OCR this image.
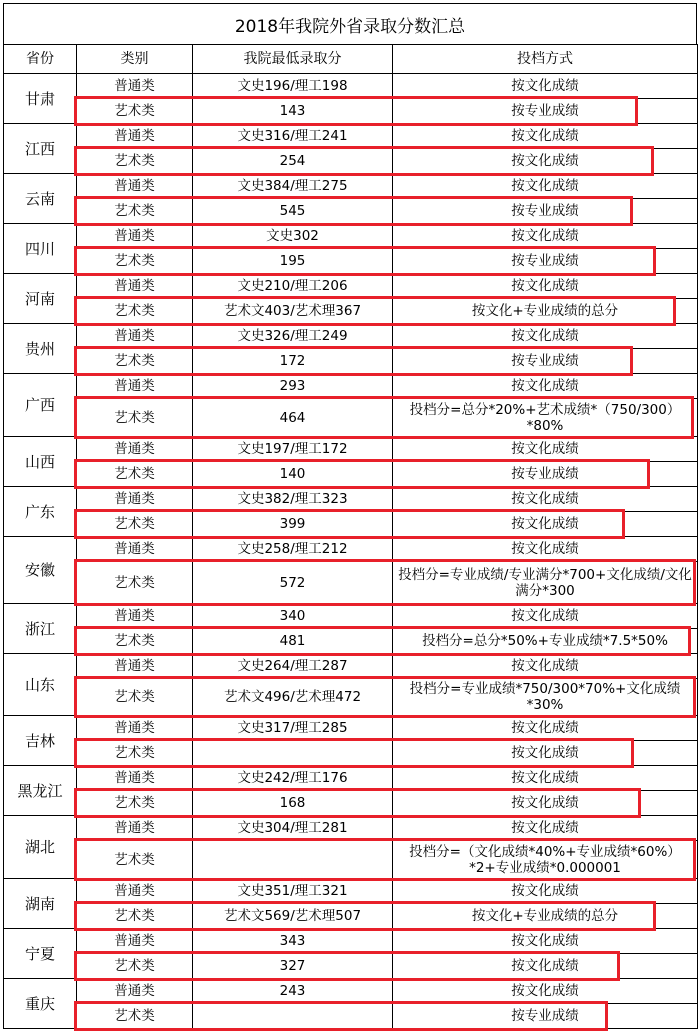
2018年我院外省录取分数汇总
省份	类别	我院最低录取分	投档方式
甘肃	普通类	文史196/理工198	按文化成绩
	艺术类	143	按专业成绩
江西	普通类	文史316/理工241	按文化成绩
	艺术类	254	按文化成绩
云南	普通类	文史384/理工275	按文化成绩
	艺术类	545	按专业成绩
四川	普通类	文史302	按文化成绩
	艺术类	195	按专业成绩
河南	普通类	文史210/理工206	按文化成绩
	艺术类	艺术文403/艺术理367	按文化+专业成绩的总分
贵州	普通类	文史326/理工249	按文化成绩
	艺术类	172	按专业成绩
广西	普通类	293	按文化成绩
	艺术类	464	投档分=总分*20%+艺术成绩*（750/300）*80%
山西	普通类	文史197/理工172	按文化成绩
	艺术类	140	按专业成绩
广东	普通类	文史382/理工323	按文化成绩
	艺术类	399	按文化成绩
安徽	普通类	文史258/理工212	按文化成绩
	艺术类	572	投档分=专业成绩/专业满分*700+文化成绩/文化满分*300
浙江	普通类	340	按文化成绩
	艺术类	481	投档分=总分*50%+专业成绩*7.5*50%
山东	普通类	文史264/理工287	按文化成绩
	艺术类	艺术文496/艺术理472	投档分=专业成绩*750/300*70%+文化成绩*30%
吉林	普通类	文史317/理工285	按文化成绩
	艺术类		按文化成绩
黑龙江	普通类	文史242/理工176	按文化成绩
	艺术类	168	按文化成绩
湖北	普通类	文史304/理工281	按文化成绩
	艺术类		投档分=（文化成绩*40%+专业成绩*60%）*2+专业成绩*0.000001
湖南	普通类	文史351/理工321	按文化成绩
	艺术类	艺术文569/艺术理507	按文化+专业成绩的总分
宁夏	普通类	343	按文化成绩
	艺术类	327	按文化成绩
重庆	普通类	243	按文化成绩
	艺术类		按专业成绩
